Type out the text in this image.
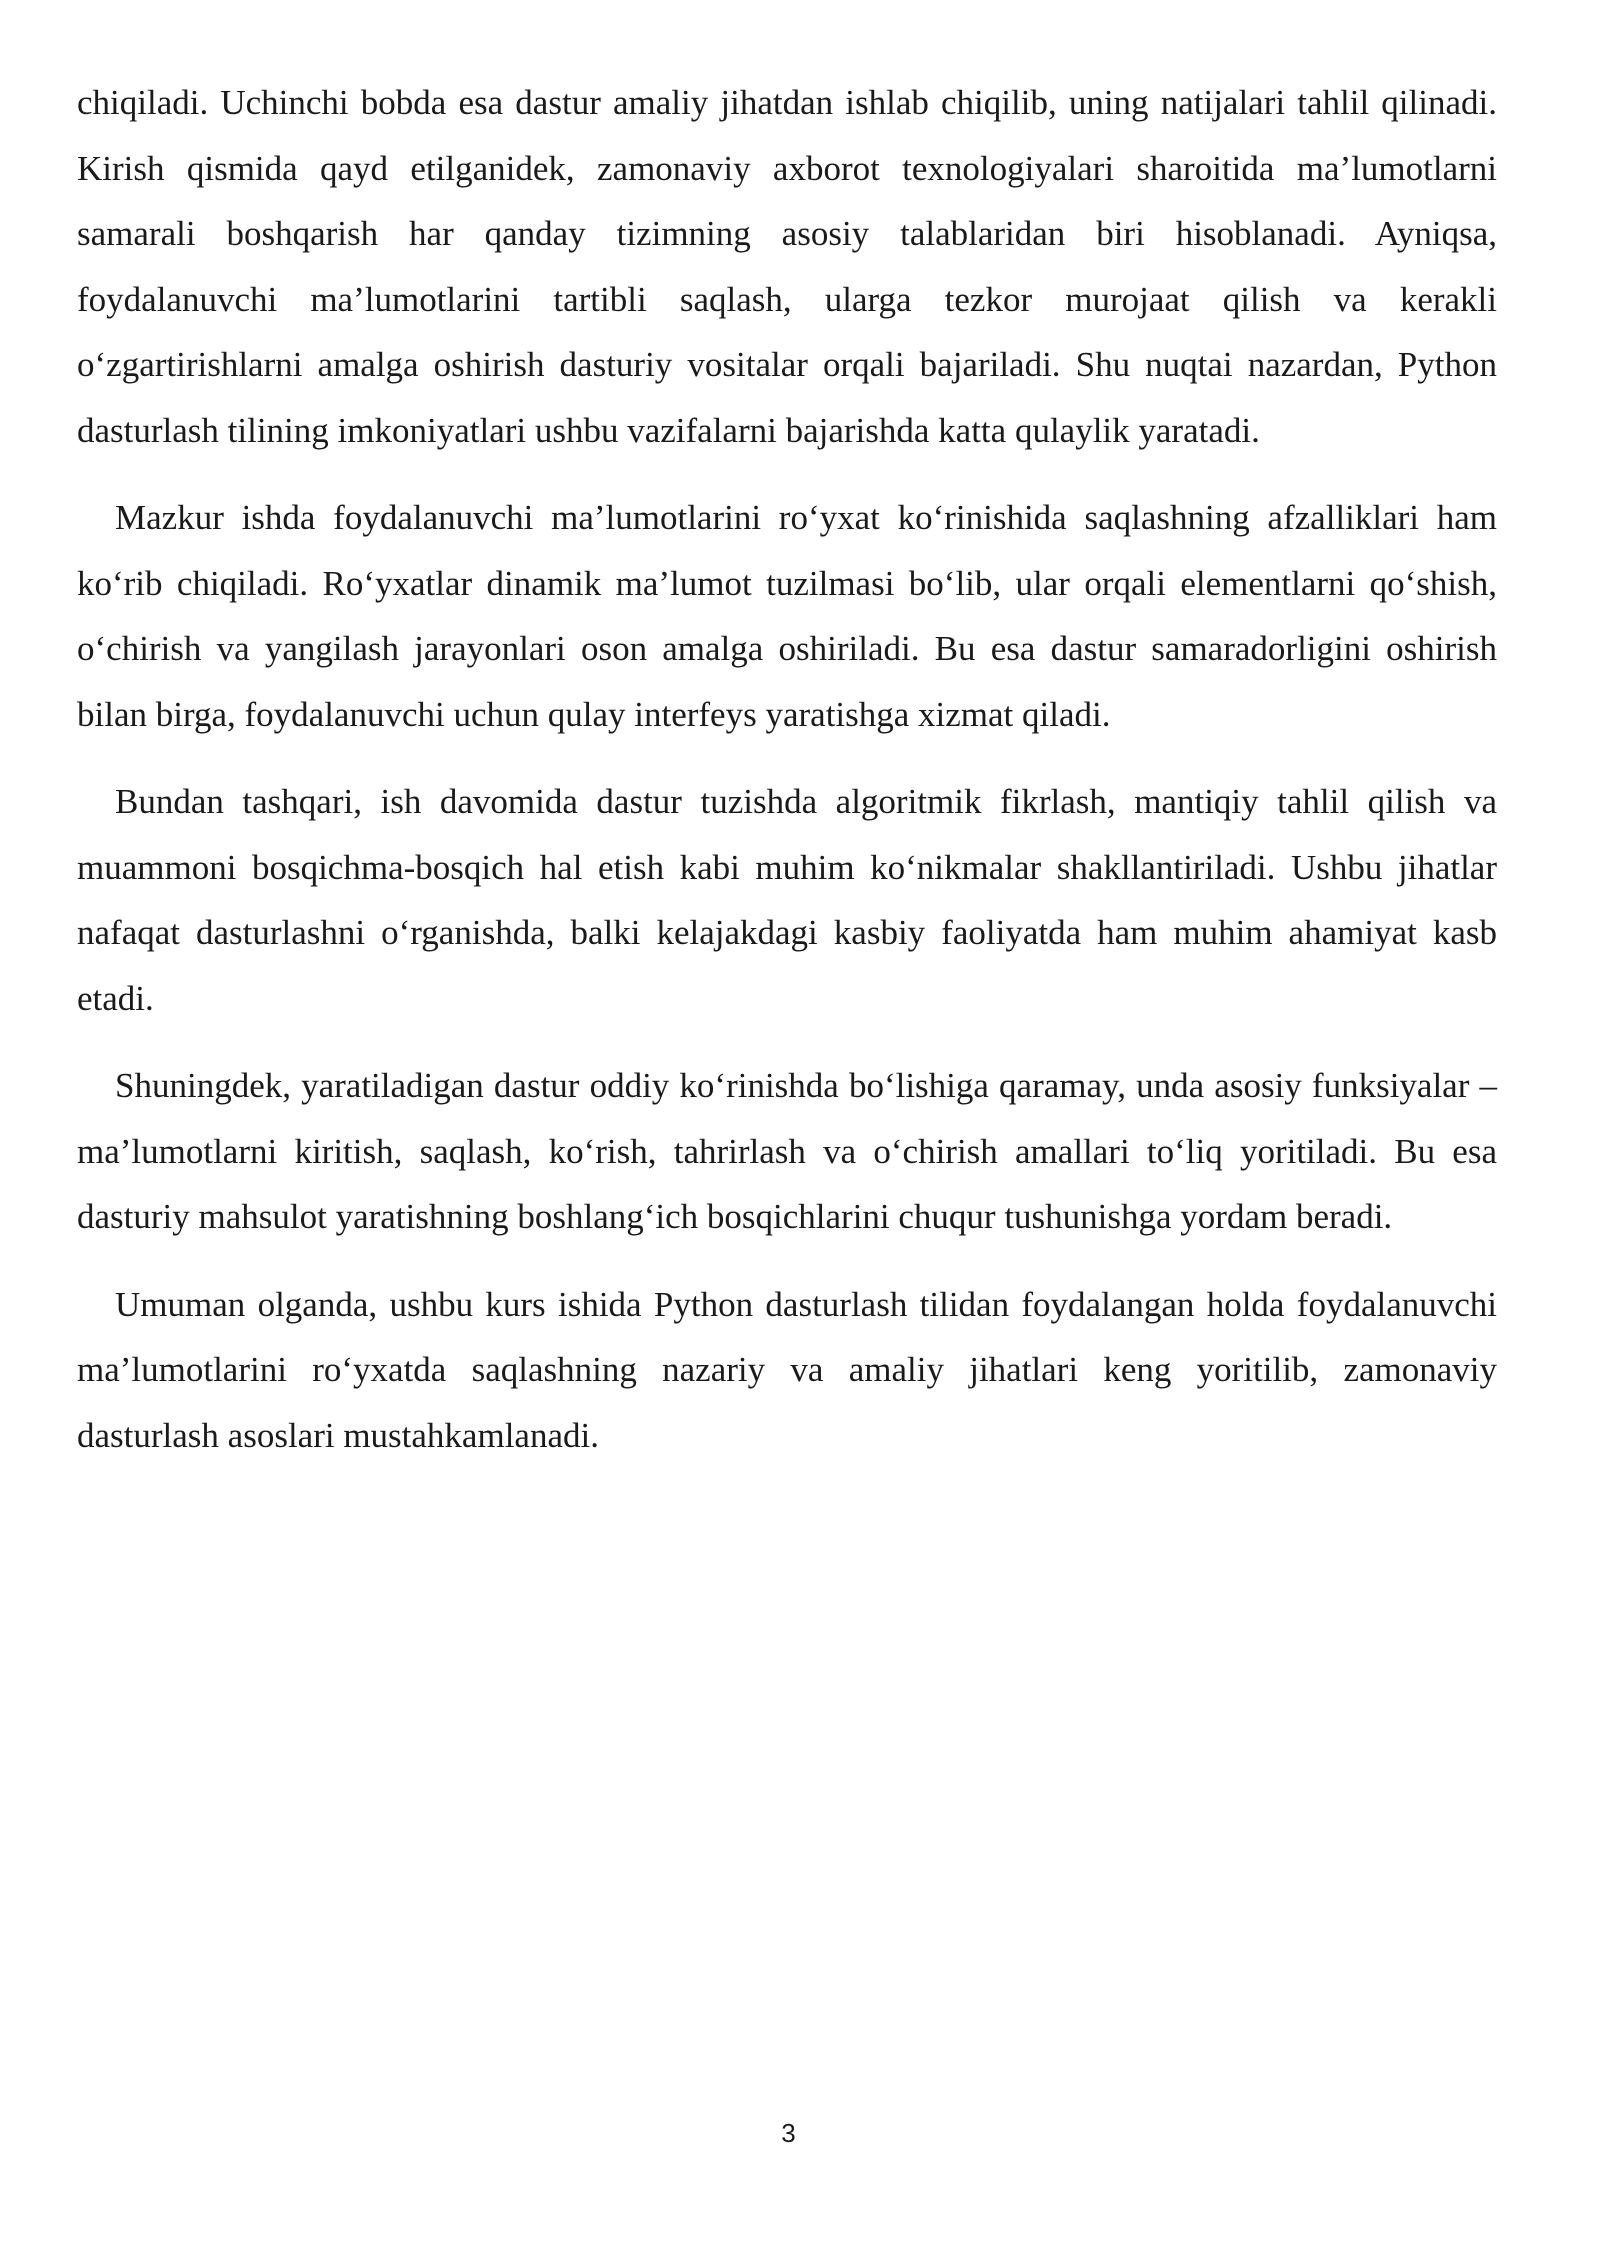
chiqiladi. Uchinchi bobda esa dastur amaliy jihatdan ishlab chiqilib, uning natijalari tahlil qilinadi. Kirish qismida qayd etilganidek, zamonaviy axborot texnologiyalari sharoitida ma’lumotlarni samarali boshqarish har qanday tizimning asosiy talablaridan biri hisoblanadi. Ayniqsa, foydalanuvchi ma’lumotlarini tartibli saqlash, ularga tezkor murojaat qilish va kerakli o‘zgartirishlarni amalga oshirish dasturiy vositalar orqali bajariladi. Shu nuqtai nazardan, Python dasturlash tilining imkoniyatlari ushbu vazifalarni bajarishda katta qulaylik yaratadi.

Mazkur ishda foydalanuvchi ma’lumotlarini ro‘yxat ko‘rinishida saqlashning afzalliklari ham ko‘rib chiqiladi. Ro‘yxatlar dinamik ma’lumot tuzilmasi bo‘lib, ular orqali elementlarni qo‘shish, o‘chirish va yangilash jarayonlari oson amalga oshiriladi. Bu esa dastur samaradorligini oshirish bilan birga, foydalanuvchi uchun qulay interfeys yaratishga xizmat qiladi.

Bundan tashqari, ish davomida dastur tuzishda algoritmik fikrlash, mantiqiy tahlil qilish va muammoni bosqichma-bosqich hal etish kabi muhim ko‘nikmalar shakllantiriladi. Ushbu jihatlar nafaqat dasturlashni o‘rganishda, balki kelajakdagi kasbiy faoliyatda ham muhim ahamiyat kasb etadi.

Shuningdek, yaratiladigan dastur oddiy ko‘rinishda bo‘lishiga qaramay, unda asosiy funksiyalar – ma’lumotlarni kiritish, saqlash, ko‘rish, tahrirlash va o‘chirish amallari to‘liq yoritiladi. Bu esa dasturiy mahsulot yaratishning boshlang‘ich bosqichlarini chuqur tushunishga yordam beradi.

Umuman olganda, ushbu kurs ishida Python dasturlash tilidan foydalangan holda foydalanuvchi ma’lumotlarini ro‘yxatda saqlashning nazariy va amaliy jihatlari keng yoritilib, zamonaviy dasturlash asoslari mustahkamlanadi.

3
